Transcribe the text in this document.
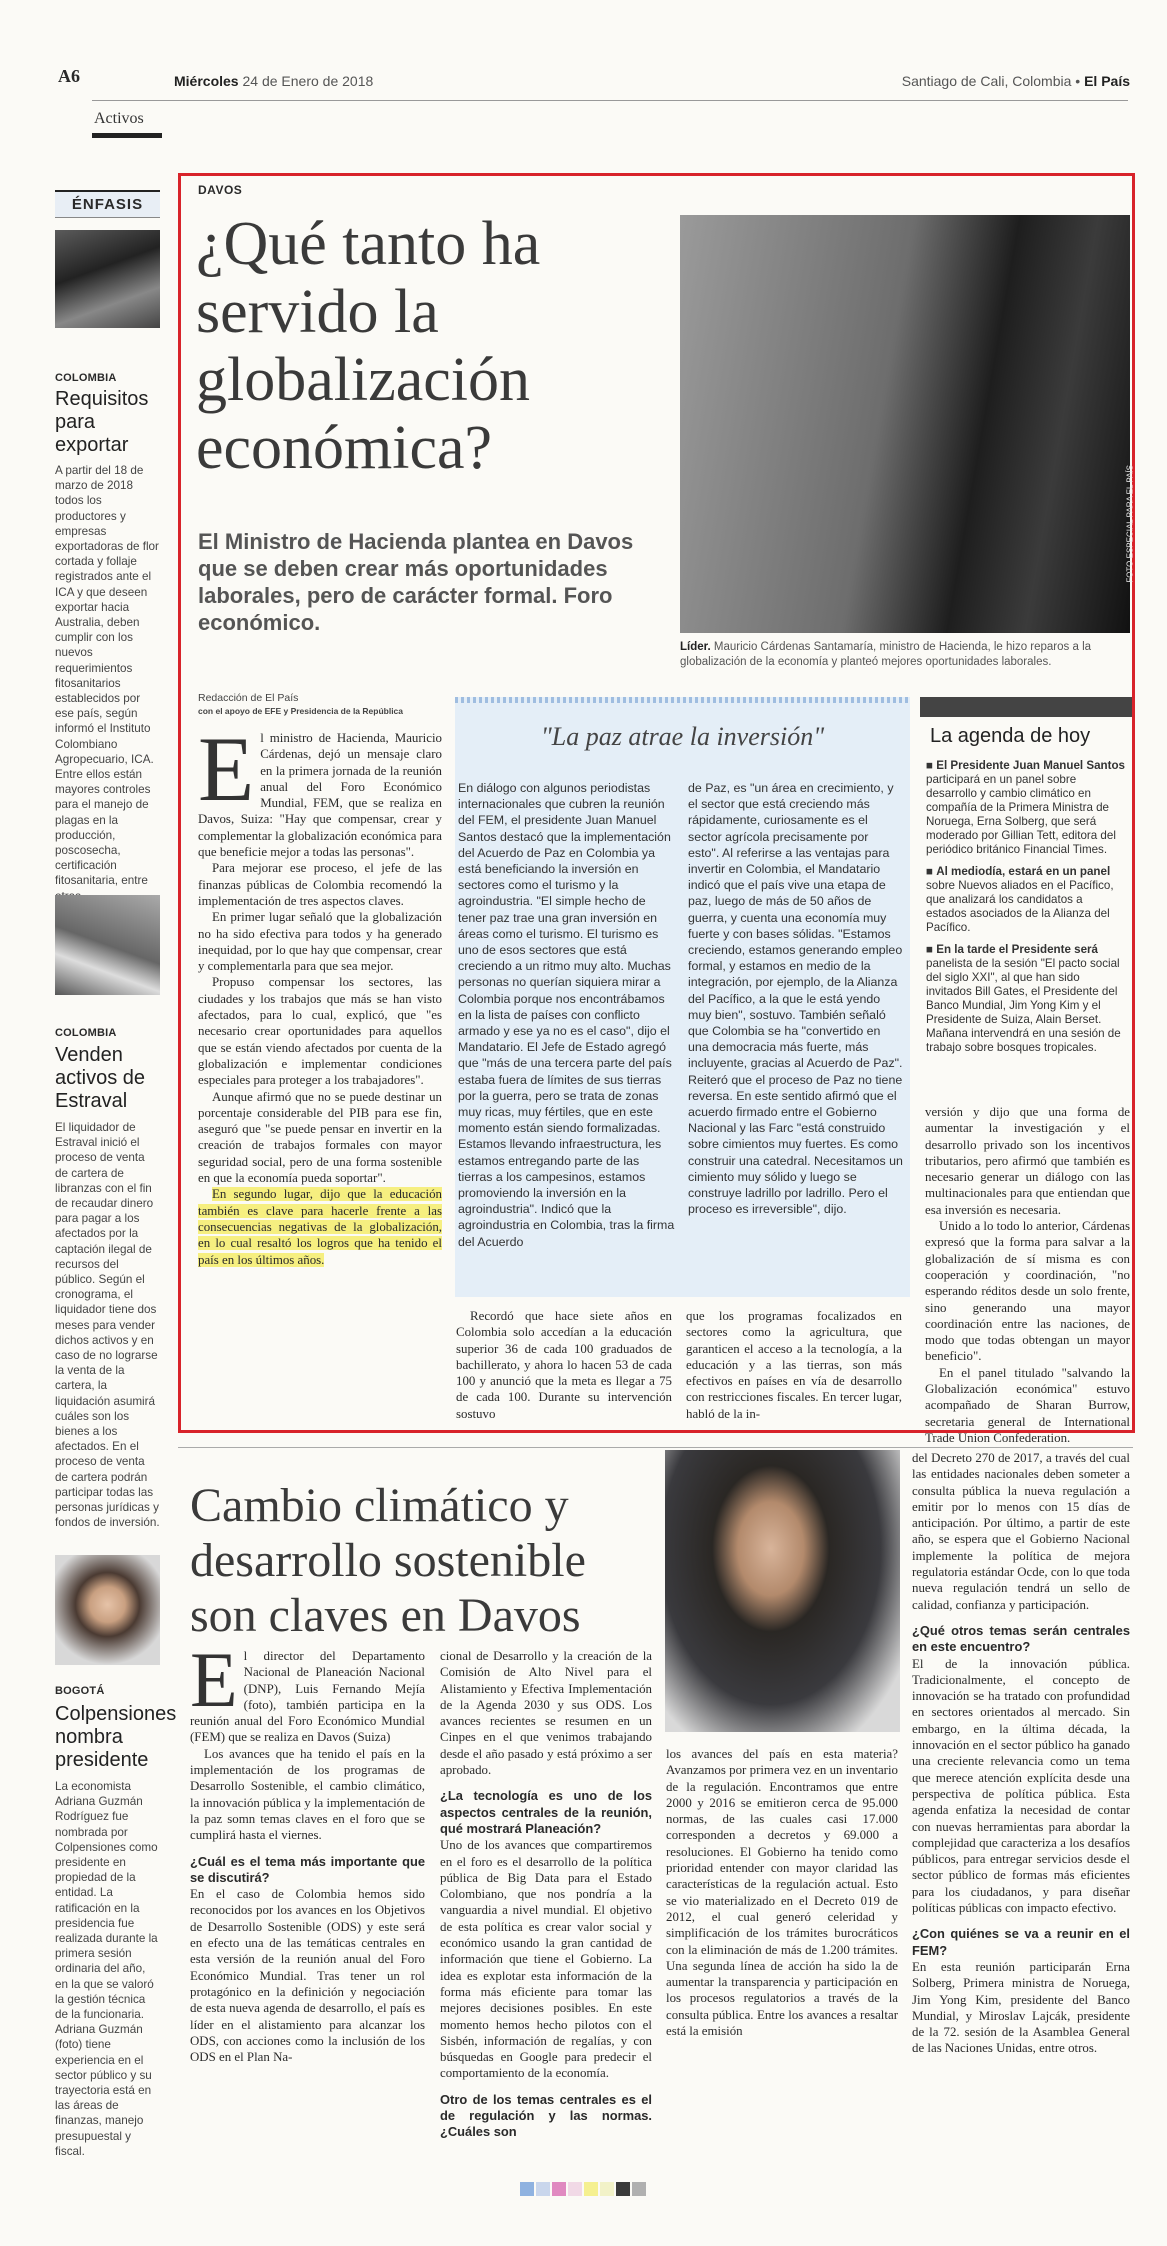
A6
Activos
Miércoles 24 de Enero de 2018	Santiago de Cali, Colombia • El País
ÉNFASIS
COLOMBIA
Requisitos para exportar
A partir del 18 de marzo de 2018 todos los productores y empresas exportadoras de flor cortada y follaje registrados ante el ICA y que deseen exportar hacia Australia, deben cumplir con los nuevos requerimientos fitosanitarios establecidos por ese país, según informó el Instituto Colombiano Agropecuario, ICA. Entre ellos están mayores controles para el manejo de plagas en la producción, poscosecha, certificación fitosanitaria, entre
COLOMBIA
Venden activos de Estraval
El liquidador de Estraval inició el proceso de venta de cartera de libranzas con el fin de recaudar dinero para pagar a los afectados por la captación ilegal de recursos del público. Según el cronograma, el liquidador tiene dos meses para vender dichos activos y en caso de no lograrse la venta de la cartera, la liquidación asumirá cuáles son los bienes a los afectados. En el proceso de venta de cartera podrán participar todas las personas jurídicas y fondos de inversión.
BOGOTÁ
Colpensiones nombra presidente
La economista Adriana Guzmán Rodríguez fue nombrada por Colpensiones como presidente en propiedad de la entidad. La ratificación en la presidencia fue realizada durante la primera sesión ordinaria del año, en la que se valoró la gestión técnica de la funcionaria. Adriana Guzmán (foto) tiene experiencia en el sector público y su trayectoria está en las áreas de finanzas, manejo presupuestal y fiscal.
DAVOS
¿Qué tanto ha servido la globalización económica?
El Ministro de Hacienda plantea en Davos que se deben crear más oportunidades laborales, pero de carácter formal. Foro económico.
FOTO ESPECIAL PARA EL PAÍS
Líder. Mauricio Cárdenas Santamaría, ministro de Hacienda, le hizo reparos a la globalización de la economía y planteó mejores oportunidades laborales.
Redacción de El País
con el apoyo de EFE y Presidencia de la República
E l ministro de Hacienda, Mauricio Cárdenas, dejó un mensaje claro en la primera jornada de la reunión anual del Foro Económico Mundial, FEM, que se realiza en Davos, Suiza: "Hay que compensar, crear y complementar la globalización económica para que beneficie mejor a todas las personas".

Para mejorar ese proceso, el jefe de las finanzas públicas de Colombia recomendó la implementación de tres aspectos claves.

En primer lugar señaló que la globalización no ha sido efectiva para todos y ha generado inequidad, por lo que hay que compensar, crear y complementarla para que sea mejor.

Propuso compensar los sectores, las ciudades y los trabajos que más se han visto afectados, para lo cual, explicó, que "es necesario crear oportunidades para aquellos que se están viendo afectados por cuenta de la globalización e implementar condiciones especiales para proteger a los trabajadores".

Aunque afirmó que no se puede destinar un porcentaje considerable del PIB para ese fin, aseguró que "se puede pensar en invertir en la creación de trabajos formales con mayor seguridad social, pero de una forma sostenible en que la economía pueda soportar".

En segundo lugar, dijo que la educación también es clave para hacerle frente a las consecuencias negativas de la globalización, en lo cual resaltó los logros que ha tenido el país en los últimos años.

"La paz atrae la inversión"
En diálogo con algunos periodistas internacionales que cubren la reunión del FEM, el presidente Juan Manuel Santos destacó que la implementación del Acuerdo de Paz en Colombia ya está beneficiando la inversión en sectores como el turismo y la agroindustria. "El simple hecho de tener paz trae una gran inversión en áreas como el turismo. El turismo es uno de esos sectores que está creciendo a un ritmo muy alto. Muchas personas no querían siquiera mirar a Colombia porque nos encontrábamos en la lista de países con conflicto armado y ese ya no es el caso", dijo el Mandatario. El Jefe de Estado agregó que "más de una tercera parte del país estaba fuera de límites de sus tierras por la guerra, pero se trata de zonas muy ricas, muy fértiles, que en este momento están siendo formalizadas. Estamos llevando infraestructura, les estamos entregando parte de las tierras a los campesinos, estamos promoviendo la inversión en la agroindustria". Indicó que la agroindustria en Colombia, tras la firma del Acuerdo
de Paz, es "un área en crecimiento, y el sector que está creciendo más rápidamente, curiosamente es el sector agrícola precisamente por esto". Al referirse a las ventajas para invertir en Colombia, el Mandatario indicó que el país vive una etapa de paz, luego de más de 50 años de guerra, y cuenta una economía muy fuerte y con bases sólidas. "Estamos creciendo, estamos generando empleo formal, y estamos en medio de la integración, por ejemplo, de la Alianza del Pacífico, a la que le está yendo muy bien", sostuvo. También señaló que Colombia se ha "convertido en una democracia más fuerte, más incluyente, gracias al Acuerdo de Paz". Reiteró que el proceso de Paz no tiene reversa. En este sentido afirmó que el acuerdo firmado entre el Gobierno Nacional y las Farc "está construido sobre cimientos muy fuertes. Es como construir una catedral. Necesitamos un cimiento muy sólido y luego se construye ladrillo por ladrillo. Pero el proceso es irreversible", dijo.
La agenda de hoy
■ El Presidente Juan Manuel Santos participará en un panel sobre desarrollo y cambio climático en compañía de la Primera Ministra de Noruega, Erna Solberg, que será moderado por Gillian Tett, editora del periódico británico Financial Times.
■ Al mediodía, estará en un panel sobre Nuevos aliados en el Pacífico, que analizará los candidatos a estados asociados de la Alianza del Pacífico.
■ En la tarde el Presidente será panelista de la sesión "El pacto social del siglo XXI", al que han sido invitados Bill Gates, el Presidente del Banco Mundial, Jim Yong Kim y el Presidente de Suiza, Alain Berset. Mañana intervendrá en una sesión de trabajo sobre bosques tropicales.
Recordó que hace siete años en Colombia solo accedían a la educación superior 36 de cada 100 graduados de bachillerato, y ahora lo hacen 53 de cada 100 y anunció que la meta es llegar a 75 de cada 100. Durante su intervención sostuvo
que los programas focalizados en sectores como la agricultura, que garanticen el acceso a la tecnología, a la educación y a las tierras, son más efectivos en países en vía de desarrollo con restricciones fiscales. En tercer lugar, habló de la in-

versión y dijo que una forma de aumentar la investigación y el desarrollo privado son los incentivos tributarios, pero afirmó que también es necesario generar un diálogo con las multinacionales para que entiendan que esa inversión es necesaria.

Unido a lo todo lo anterior, Cárdenas expresó que la forma para salvar a la globalización de sí misma es con cooperación y coordinación, "no esperando réditos desde un solo frente, sino generando una mayor coordinación entre las naciones, de modo que todas obtengan un mayor beneficio".

En el panel titulado "salvando la Globalización económica" estuvo acompañado de Sharan Burrow, secretaria general de International Trade Union Confederation.

Cambio climático y desarrollo sostenible son claves en Davos
E l director del Departamento Nacional de Planeación Nacional (DNP), Luis Fernando Mejía (foto), también participa en la reunión anual del Foro Económico Mundial (FEM) que se realiza en Davos (Suiza)

Los avances que ha tenido el país en la implementación de los programas de Desarrollo Sostenible, el cambio climático, la innovación pública y la implementación de la paz somn temas claves en el foro que se cumplirá hasta el viernes.

¿Cuál es el tema más importante que se discutirá?

En el caso de Colombia hemos sido reconocidos por los avances en los Objetivos de Desarrollo Sostenible (ODS) y este será en efecto una de las temáticas centrales en esta versión de la reunión anual del Foro Económico Mundial. Tras tener un rol protagónico en la definición y negociación de esta nueva agenda de desarrollo, el país es líder en el alistamiento para alcanzar los ODS, con acciones como la inclusión de los ODS en el Plan Na-

cional de Desarrollo y la creación de la Comisión de Alto Nivel para el Alistamiento y Efectiva Implementación de la Agenda 2030 y sus ODS. Los avances recientes se resumen en un Cinpes en el que venimos trabajando desde el año pasado y está próximo a ser aprobado.

¿La tecnología es uno de los aspectos centrales de la reunión, qué mostrará Planeación?

Uno de los avances que compartiremos en el foro es el desarrollo de la política pública de Big Data para el Estado Colombiano, que nos pondría a la vanguardia a nivel mundial. El objetivo de esta política es crear valor social y económico usando la gran cantidad de información que tiene el Gobierno. La idea es explotar esta información de la forma más eficiente para tomar las mejores decisiones posibles. En este momento hemos hecho pilotos con el Sisbén, información de regalías, y con búsquedas en Google para predecir el comportamiento de la economía.

Otro de los temas centrales es el de regulación y las normas. ¿Cuáles son

los avances del país en esta materia? Avanzamos por primera vez en un inventario de la regulación. Encontramos que entre 2000 y 2016 se emitieron cerca de 95.000 normas, de las cuales casi 17.000 corresponden a decretos y 69.000 a resoluciones. El Gobierno ha tenido como prioridad entender con mayor claridad las características de la regulación actual. Esto se vio materializado en el Decreto 019 de 2012, el cual generó celeridad y simplificación de los trámites burocráticos con la eliminación de más de 1.200 trámites. Una segunda línea de acción ha sido la de aumentar la transparencia y participación en los procesos regulatorios a través de la consulta pública. Entre los avances a resaltar está la emisión

del Decreto 270 de 2017, a través del cual las entidades nacionales deben someter a consulta pública la nueva regulación a emitir por lo menos con 15 días de anticipación. Por último, a partir de este año, se espera que el Gobierno Nacional implemente la política de mejora regulatoria estándar Ocde, con lo que toda nueva regulación tendrá un sello de calidad, confianza y participación.

¿Qué otros temas serán centrales en este encuentro?

El de la innovación pública. Tradicionalmente, el concepto de innovación se ha tratado con profundidad en sectores orientados al mercado. Sin embargo, en la última década, la innovación en el sector público ha ganado una creciente relevancia como un tema que merece atención explícita desde una perspectiva de política pública. Esta agenda enfatiza la necesidad de contar con nuevas herramientas para abordar la complejidad que caracteriza a los desafíos públicos, para entregar servicios desde el sector público de formas más eficientes para los ciudadanos, y para diseñar políticas públicas con impacto efectivo.

¿Con quiénes se va a reunir en el FEM?

En esta reunión participarán Erna Solberg, Primera ministra de Noruega, Jim Yong Kim, presidente del Banco Mundial, y Miroslav Lajcák, presidente de la 72. sesión de la Asamblea General de las Naciones Unidas, entre otros.
